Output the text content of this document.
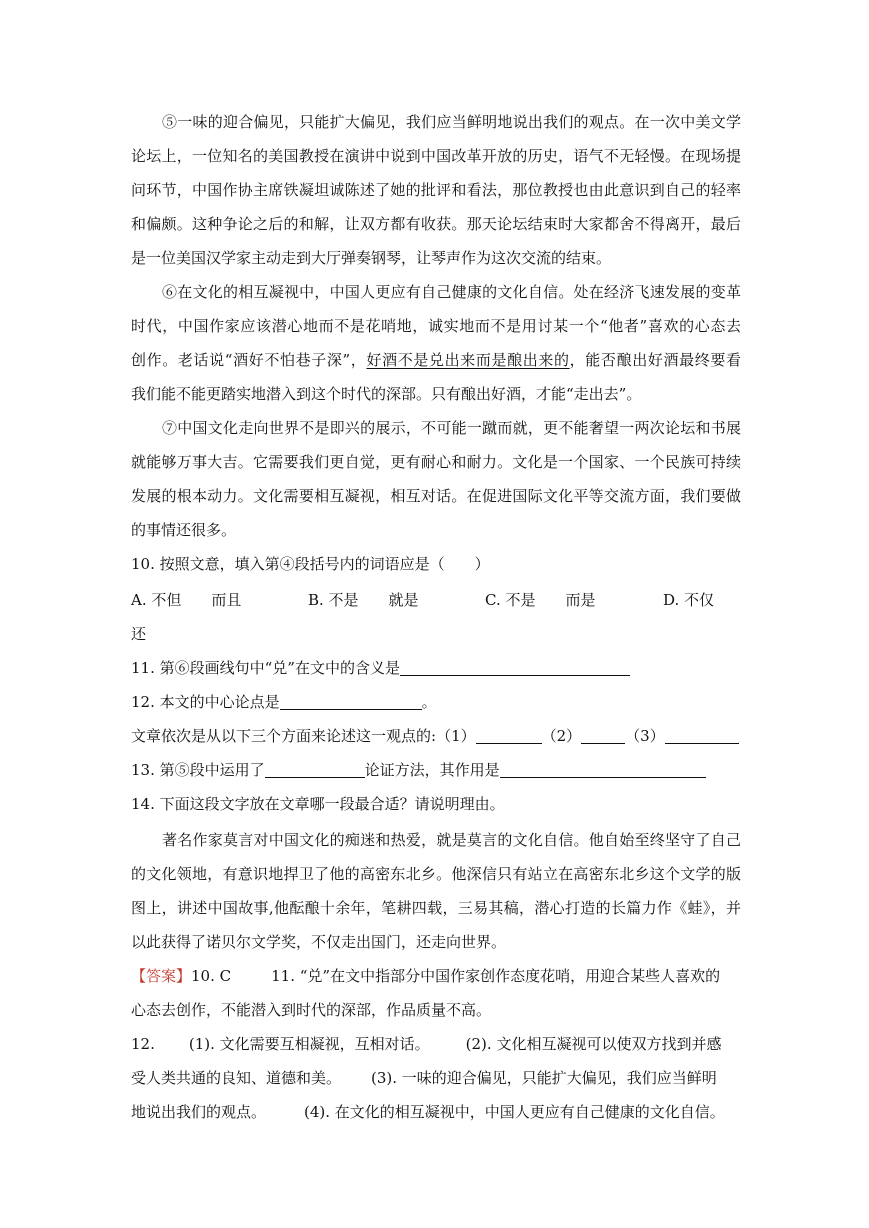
⑤一味的迎合偏见，只能扩大偏见，我们应当鲜明地说出我们的观点。在一次中美文学
论坛上，一位知名的美国教授在演讲中说到中国改革开放的历史，语气不无轻慢。在现场提
问环节，中国作协主席铁凝坦诚陈述了她的批评和看法，那位教授也由此意识到自己的轻率
和偏颇。这种争论之后的和解，让双方都有收获。那天论坛结束时大家都舍不得离开，最后
是一位美国汉学家主动走到大厅弹奏钢琴，让琴声作为这次交流的结束。
⑥在文化的相互凝视中，中国人更应有自己健康的文化自信。处在经济飞速发展的变革
时代，中国作家应该潜心地而不是花哨地，诚实地而不是用讨某一个“他者”喜欢的心态去
创作。老话说“酒好不怕巷子深”，好酒不是兑出来而是酿出来的，能否酿出好酒最终要看
我们能不能更踏实地潜入到这个时代的深部。只有酿出好酒，才能“走出去”。
⑦中国文化走向世界不是即兴的展示，不可能一蹴而就，更不能奢望一两次论坛和书展
就能够万事大吉。它需要我们更自觉，更有耐心和耐力。文化是一个国家、一个民族可持续
发展的根本动力。文化需要相互凝视，相互对话。在促进国际文化平等交流方面，我们要做
的事情还很多。
10. 按照文意，填入第④段括号内的词语应是（　　）
A. 不但　　而且	B. 不是　　就是	C. 不是　　而是	D. 不仅
还
11. 第⑥段画线句中“兑”在文中的含义是
12. 本文的中心论点是	。
文章依次是从以下三个方面来论述这一观点的:（1）	（2）	（3）
13. 第⑤段中运用了	论证方法，其作用是
14. 下面这段文字放在文章哪一段最合适？请说明理由。
著名作家莫言对中国文化的痴迷和热爱，就是莫言的文化自信。他自始至终坚守了自己
的文化领地，有意识地捍卫了他的高密东北乡。他深信只有站立在高密东北乡这个文学的版
图上，讲述中国故事,他酝酿十余年，笔耕四载，三易其稿，潜心打造的长篇力作《蛙》，并
以此获得了诺贝尔文学奖，不仅走出国门，还走向世界。
【答案】10. C	11. “兑”在文中指部分中国作家创作态度花哨，用迎合某些人喜欢的
心态去创作，不能潜入到时代的深部，作品质量不高。
12. (1). 文化需要互相凝视，互相对话。 (2). 文化相互凝视可以使双方找到并感
受人类共通的良知、道德和美。 (3). 一味的迎合偏见，只能扩大偏见，我们应当鲜明
地说出我们的观点。	(4). 在文化的相互凝视中，中国人更应有自己健康的文化自信。
